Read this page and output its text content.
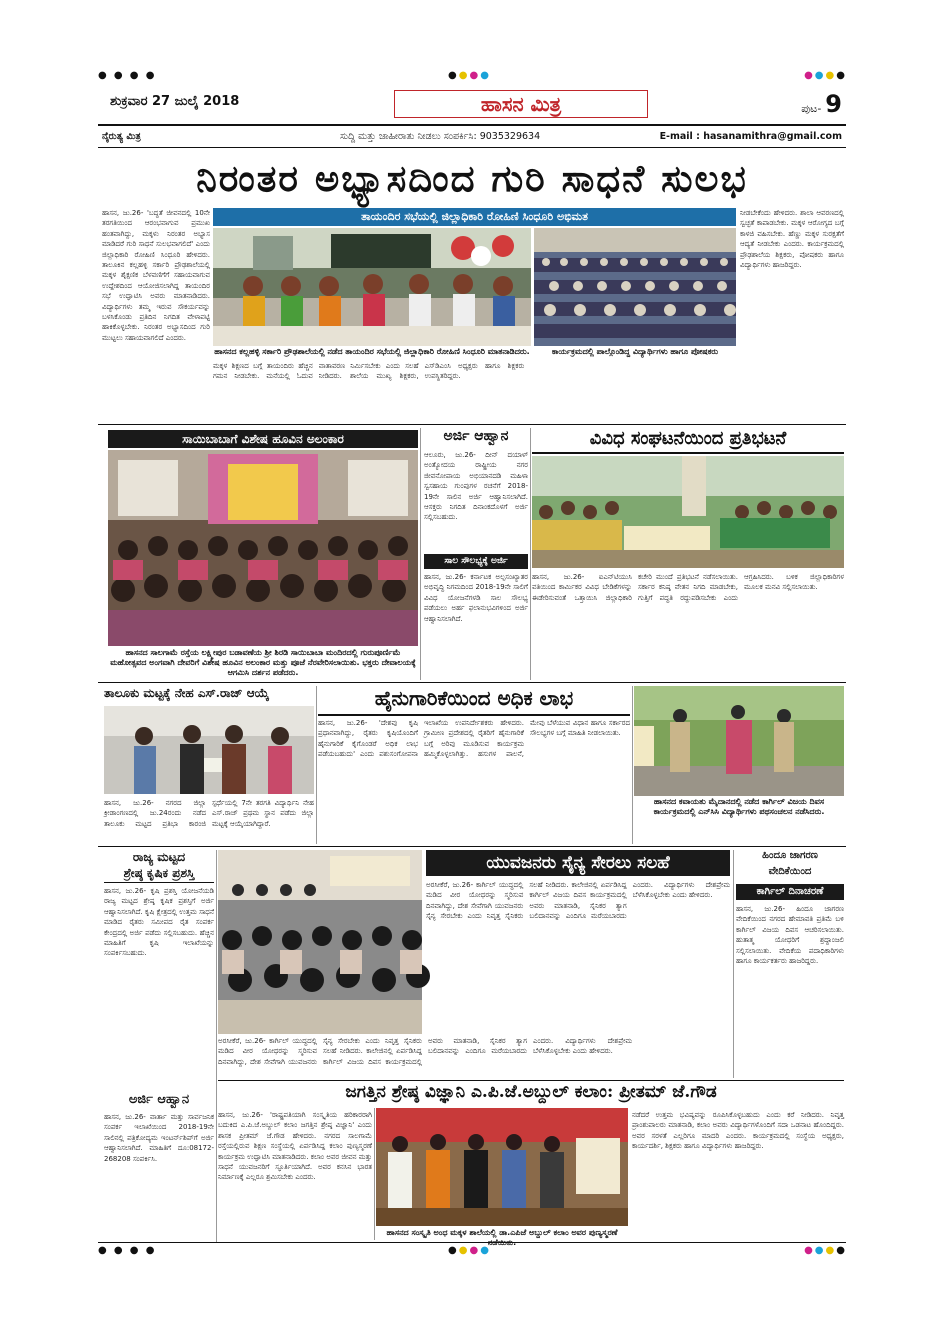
● ● ● ●	●●●●	●●●●
● ● ● ●	●●●●	●●●●
ಶುಕ್ರವಾರ 27 ಜುಲೈ 2018	ಹಾಸನ ಮಿತ್ರ	ಪುಟ- 9
ನೈರುತ್ಯ ಮಿತ್ರ	ಸುದ್ದಿ ಮತ್ತು ಜಾಹೀರಾತು ನೀಡಲು ಸಂಪರ್ಕಿಸಿ: 9035329634	E-mail : hasanamithra@gmail.com
ನಿರಂತರ ಅಭ್ಯಾಸದಿಂದ ಗುರಿ ಸಾಧನೆ ಸುಲಭ
ಹಾಸನ, ಜು.26- 'ಬದ್ಧತೆ ಜೀವನದಲ್ಲಿ 10ನೇ ತರಗತಿಯಿಂದ ಆರಂಭವಾಗುವ ಪ್ರಮುಖ ಹಂತವಾಗಿದ್ದು, ಮಕ್ಕಳು ನಿರಂತರ ಅಭ್ಯಾಸ ಮಾಡಿದರೆ ಗುರಿ ಸಾಧನೆ ಸುಲಭವಾಗಲಿದೆ' ಎಂದು ಜಿಲ್ಲಾಧಿಕಾರಿ ರೋಹಿಣಿ ಸಿಂಧೂರಿ ಹೇಳಿದರು. ತಾಲೂಕಿನ ಕಲ್ಲಹಳ್ಳಿ ಸರ್ಕಾರಿ ಪ್ರೌಢಶಾಲೆಯಲ್ಲಿ ಮಕ್ಕಳ ಶೈಕ್ಷಣಿಕ ಬೆಳವಣಿಗೆಗೆ ಸಹಾಯವಾಗುವ ಉದ್ದೇಶದಿಂದ ಆಯೋಜಿಸಲಾಗಿದ್ದ ತಾಯಂದಿರ ಸಭೆ ಉದ್ಘಾಟಿಸಿ ಅವರು ಮಾತನಾಡಿದರು. ವಿದ್ಯಾರ್ಥಿಗಳು ತಮ್ಮ ಇರುವ ಸೌಕರ್ಯವನ್ನು ಬಳಸಿಕೊಂಡು ಪ್ರತಿದಿನ ನಿಗದಿತ ವೇಳಾಪಟ್ಟಿ ಹಾಕಿಕೊಳ್ಳಬೇಕು. ನಿರಂತರ ಅಭ್ಯಾಸದಿಂದ ಗುರಿ ಮುಟ್ಟಲು ಸಹಾಯವಾಗಲಿದೆ ಎಂದರು.
ತಾಯಂದಿರ ಸಭೆಯಲ್ಲಿ ಜಿಲ್ಲಾಧಿಕಾರಿ ರೋಹಿಣಿ ಸಿಂಧೂರಿ ಅಭಿಮತ
ಹಾಸನದ ಕಲ್ಲಹಳ್ಳಿ ಸರ್ಕಾರಿ ಪ್ರೌಢಶಾಲೆಯಲ್ಲಿ ನಡೆದ ತಾಯಂದಿರ ಸಭೆಯಲ್ಲಿ ಜಿಲ್ಲಾಧಿಕಾರಿ ರೋಹಿಣಿ ಸಿಂಧೂರಿ ಮಾತನಾಡಿದರು.	ಕಾರ್ಯಕ್ರಮದಲ್ಲಿ ಪಾಲ್ಗೊಂಡಿದ್ದ ವಿದ್ಯಾರ್ಥಿಗಳು ಹಾಗೂ ಪೋಷಕರು
ಮಕ್ಕಳ ಶಿಕ್ಷಣದ ಬಗ್ಗೆ ತಾಯಂದಿರು ಹೆಚ್ಚಿನ ಗಮನ ನೀಡಬೇಕು. ಮನೆಯಲ್ಲಿ ಓದುವ ವಾತಾವರಣ ನಿರ್ಮಿಸಬೇಕು ಎಂದು ಸಲಹೆ ನೀಡಿದರು. ಶಾಲೆಯ ಮುಖ್ಯ ಶಿಕ್ಷಕರು, ಎಸ್‌ಡಿಎಂಸಿ ಅಧ್ಯಕ್ಷರು ಹಾಗೂ ಶಿಕ್ಷಕರು ಉಪಸ್ಥಿತರಿದ್ದರು.
ನೀಡಬೇಕೆಂದು ಹೇಳಿದರು. ಶಾಲಾ ಆವರಣದಲ್ಲಿ ಸ್ವಚ್ಛತೆ ಕಾಪಾಡಬೇಕು. ಮಕ್ಕಳ ಆರೋಗ್ಯದ ಬಗ್ಗೆ ಕಾಳಜಿ ವಹಿಸಬೇಕು. ಹೆಣ್ಣು ಮಕ್ಕಳ ಸುರಕ್ಷತೆಗೆ ಆದ್ಯತೆ ನೀಡಬೇಕು ಎಂದರು. ಕಾರ್ಯಕ್ರಮದಲ್ಲಿ ಪ್ರೌಢಶಾಲೆಯ ಶಿಕ್ಷಕರು, ಪೋಷಕರು ಹಾಗೂ ವಿದ್ಯಾರ್ಥಿಗಳು ಹಾಜರಿದ್ದರು.
ಸಾಯಿಬಾಬಾಗೆ ವಿಶೇಷ ಹೂವಿನ ಅಲಂಕಾರ
ಹಾಸನದ ಸಾಲಗಾಮೆ ರಸ್ತೆಯ ಲಕ್ಷ್ಮೀಪುರ ಬಡಾವಣೆಯ ಶ್ರೀ ಶಿರಡಿ ಸಾಯಿಬಾಬಾ ಮಂದಿರದಲ್ಲಿ ಗುರುಪೂರ್ಣಿಮೆ ಮಹೋತ್ಸವದ ಅಂಗವಾಗಿ ದೇವರಿಗೆ ವಿಶೇಷ ಹೂವಿನ ಅಲಂಕಾರ ಮತ್ತು ಪೂಜೆ ನೆರವೇರಿಸಲಾಯಿತು. ಭಕ್ತರು ದೇವಾಲಯಕ್ಕೆ ಆಗಮಿಸಿ ದರ್ಶನ ಪಡೆದರು.
ಅರ್ಜಿ ಆಹ್ವಾನ
ಆಲೂರು, ಜು.26- ದೀನ್ ದಯಾಳ್ ಅಂತ್ಯೋದಯ ರಾಷ್ಟ್ರೀಯ ನಗರ ಜೀವನೋಪಾಯ ಅಭಿಯಾನದಡಿ ಮಹಿಳಾ ಸ್ವಸಹಾಯ ಗುಂಪುಗಳ ರಚನೆಗೆ 2018-19ನೇ ಸಾಲಿನ ಅರ್ಜಿ ಆಹ್ವಾನಿಸಲಾಗಿದೆ. ಆಸಕ್ತರು ನಿಗದಿತ ದಿನಾಂಕದೊಳಗೆ ಅರ್ಜಿ ಸಲ್ಲಿಸಬಹುದು.
ಸಾಲ ಸೌಲಭ್ಯಕ್ಕೆ ಅರ್ಜಿ
ಹಾಸನ, ಜು.26- ಕರ್ನಾಟಕ ಅಲ್ಪಸಂಖ್ಯಾತರ ಅಭಿವೃದ್ಧಿ ನಿಗಮದಿಂದ 2018-19ನೇ ಸಾಲಿಗೆ ವಿವಿಧ ಯೋಜನೆಗಳಡಿ ಸಾಲ ಸೌಲಭ್ಯ ಪಡೆಯಲು ಅರ್ಹ ಫಲಾನುಭವಿಗಳಿಂದ ಅರ್ಜಿ ಆಹ್ವಾನಿಸಲಾಗಿದೆ.
ವಿವಿಧ ಸಂಘಟನೆಯಿಂದ ಪ್ರತಿಭಟನೆ
ಹಾಸನ, ಜು.26- ಐಎನ್‌ಟಿಯುಸಿ ವತಿಯಿಂದ ಕಾರ್ಮಿಕರ ವಿವಿಧ ಬೇಡಿಕೆಗಳನ್ನು ಈಡೇರಿಸುವಂತೆ ಒತ್ತಾಯಿಸಿ ಜಿಲ್ಲಾಧಿಕಾರಿ ಕಚೇರಿ ಮುಂದೆ ಪ್ರತಿಭಟನೆ ನಡೆಸಲಾಯಿತು. ಸರ್ಕಾರ ಕನಿಷ್ಠ ವೇತನ ನಿಗದಿ ಮಾಡಬೇಕು, ಗುತ್ತಿಗೆ ಪದ್ಧತಿ ರದ್ದುಪಡಿಸಬೇಕು ಎಂದು ಆಗ್ರಹಿಸಿದರು. ಬಳಿಕ ಜಿಲ್ಲಾಧಿಕಾರಿಗಳ ಮೂಲಕ ಮನವಿ ಸಲ್ಲಿಸಲಾಯಿತು.
ತಾಲೂಕು ಮಟ್ಟಕ್ಕೆ ನೇಹ ಎಸ್.ರಾಜ್ ಆಯ್ಕೆ
ಹಾಸನ, ಜು.26- ನಗರದ ಜಿಲ್ಲಾ ಕ್ರೀಡಾಂಗಣದಲ್ಲಿ ಜು.24ರಂದು ನಡೆದ ತಾಲೂಕು ಮಟ್ಟದ ಪ್ರತಿಭಾ ಕಾರಂಜಿ ಸ್ಪರ್ಧೆಯಲ್ಲಿ 7ನೇ ತರಗತಿ ವಿದ್ಯಾರ್ಥಿನಿ ನೇಹ ಎಸ್.ರಾಜ್ ಪ್ರಥಮ ಸ್ಥಾನ ಪಡೆದು ಜಿಲ್ಲಾ ಮಟ್ಟಕ್ಕೆ ಆಯ್ಕೆಯಾಗಿದ್ದಾರೆ.
ಹೈನುಗಾರಿಕೆಯಿಂದ ಅಧಿಕ ಲಾಭ
ಹಾಸನ, ಜು.26- 'ದೇಶವು ಕೃಷಿ ಪ್ರಧಾನವಾಗಿದ್ದು, ರೈತರು ಕೃಷಿಯೊಂದಿಗೆ ಹೈನುಗಾರಿಕೆ ಕೈಗೊಂಡರೆ ಅಧಿಕ ಲಾಭ ಪಡೆಯಬಹುದು' ಎಂದು ಪಶುಸಂಗೋಪನಾ ಇಲಾಖೆಯ ಉಪನಿರ್ದೇಶಕರು ಹೇಳಿದರು. ಗ್ರಾಮೀಣ ಪ್ರದೇಶದಲ್ಲಿ ರೈತರಿಗೆ ಹೈನುಗಾರಿಕೆ ಬಗ್ಗೆ ಅರಿವು ಮೂಡಿಸುವ ಕಾರ್ಯಕ್ರಮ ಹಮ್ಮಿಕೊಳ್ಳಲಾಗಿತ್ತು. ಹಸುಗಳ ಪಾಲನೆ, ಮೇವು ಬೆಳೆಯುವ ವಿಧಾನ ಹಾಗೂ ಸರ್ಕಾರದ ಸೌಲಭ್ಯಗಳ ಬಗ್ಗೆ ಮಾಹಿತಿ ನೀಡಲಾಯಿತು.
ಹಾಸನದ ಕವಾಯತು ಮೈದಾನದಲ್ಲಿ ನಡೆದ ಕಾರ್ಗಿಲ್ ವಿಜಯ ದಿವಸ ಕಾರ್ಯಕ್ರಮದಲ್ಲಿ ಎನ್‌ಸಿಸಿ ವಿದ್ಯಾರ್ಥಿಗಳು ಪಥಸಂಚಲನ ನಡೆಸಿದರು.
ರಾಜ್ಯ ಮಟ್ಟದ
ಶ್ರೇಷ್ಠ ಕೃಷಿಕ ಪ್ರಶಸ್ತಿ
ಹಾಸನ, ಜು.26- ಕೃಷಿ ಪ್ರಶಸ್ತಿ ಯೋಜನೆಯಡಿ ರಾಜ್ಯ ಮಟ್ಟದ ಶ್ರೇಷ್ಠ ಕೃಷಿಕ ಪ್ರಶಸ್ತಿಗೆ ಅರ್ಜಿ ಆಹ್ವಾನಿಸಲಾಗಿದೆ. ಕೃಷಿ ಕ್ಷೇತ್ರದಲ್ಲಿ ಉತ್ತಮ ಸಾಧನೆ ಮಾಡಿದ ರೈತರು ಸಮೀಪದ ರೈತ ಸಂಪರ್ಕ ಕೇಂದ್ರದಲ್ಲಿ ಅರ್ಜಿ ಪಡೆದು ಸಲ್ಲಿಸಬಹುದು. ಹೆಚ್ಚಿನ ಮಾಹಿತಿಗೆ ಕೃಷಿ ಇಲಾಖೆಯನ್ನು ಸಂಪರ್ಕಿಸಬಹುದು.
ಅರ್ಜಿ ಆಹ್ವಾನ
ಹಾಸನ, ಜು.26- ವಾರ್ತಾ ಮತ್ತು ಸಾರ್ವಜನಿಕ ಸಂಪರ್ಕ ಇಲಾಖೆಯಿಂದ 2018-19ನೇ ಸಾಲಿನಲ್ಲಿ ಪತ್ರಿಕೋದ್ಯಮ ಇಂಟರ್ನ್‌ಶಿಪ್‌ಗೆ ಅರ್ಜಿ ಆಹ್ವಾನಿಸಲಾಗಿದೆ. ಮಾಹಿತಿಗೆ ದೂ:08172-268208 ಸಂಪರ್ಕಿಸಿ.
ಯುವಜನರು ಸೈನ್ಯ ಸೇರಲು ಸಲಹೆ
ಅರಸೀಕೆರೆ, ಜು.26- ಕಾರ್ಗಿಲ್ ಯುದ್ಧದಲ್ಲಿ ಮಡಿದ ವೀರ ಯೋಧರನ್ನು ಸ್ಮರಿಸುವ ದಿನವಾಗಿದ್ದು, ದೇಶ ಸೇವೆಗಾಗಿ ಯುವಜನರು ಸೈನ್ಯ ಸೇರಬೇಕು ಎಂದು ನಿವೃತ್ತ ಸೈನಿಕರು ಸಲಹೆ ನೀಡಿದರು. ಕಾಲೇಜಿನಲ್ಲಿ ಏರ್ಪಡಿಸಿದ್ದ ಕಾರ್ಗಿಲ್ ವಿಜಯ ದಿವಸ ಕಾರ್ಯಕ್ರಮದಲ್ಲಿ ಅವರು ಮಾತನಾಡಿ, ಸೈನಿಕರ ತ್ಯಾಗ ಬಲಿದಾನವನ್ನು ಎಂದಿಗೂ ಮರೆಯಬಾರದು ಎಂದರು. ವಿದ್ಯಾರ್ಥಿಗಳು ದೇಶಪ್ರೇಮ ಬೆಳೆಸಿಕೊಳ್ಳಬೇಕು ಎಂದು ಹೇಳಿದರು.
ಅರಸೀಕೆರೆ, ಜು.26- ಕಾರ್ಗಿಲ್ ಯುದ್ಧದಲ್ಲಿ ಮಡಿದ ವೀರ ಯೋಧರನ್ನು ಸ್ಮರಿಸುವ ದಿನವಾಗಿದ್ದು, ದೇಶ ಸೇವೆಗಾಗಿ ಯುವಜನರು ಸೈನ್ಯ ಸೇರಬೇಕು ಎಂದು ನಿವೃತ್ತ ಸೈನಿಕರು ಸಲಹೆ ನೀಡಿದರು. ಕಾಲೇಜಿನಲ್ಲಿ ಏರ್ಪಡಿಸಿದ್ದ ಕಾರ್ಗಿಲ್ ವಿಜಯ ದಿವಸ ಕಾರ್ಯಕ್ರಮದಲ್ಲಿ ಅವರು ಮಾತನಾಡಿ, ಸೈನಿಕರ ತ್ಯಾಗ ಬಲಿದಾನವನ್ನು ಎಂದಿಗೂ ಮರೆಯಬಾರದು ಎಂದರು. ವಿದ್ಯಾರ್ಥಿಗಳು ದೇಶಪ್ರೇಮ ಬೆಳೆಸಿಕೊಳ್ಳಬೇಕು ಎಂದು ಹೇಳಿದರು.
ಹಿಂದೂ ಜಾಗರಣ
ವೇದಿಕೆಯಿಂದ
ಕಾರ್ಗಿಲ್ ದಿನಾಚರಣೆ
ಹಾಸನ, ಜು.26- ಹಿಂದೂ ಜಾಗರಣ ವೇದಿಕೆಯಿಂದ ನಗರದ ಹೇಮಾವತಿ ಪ್ರತಿಮೆ ಬಳಿ ಕಾರ್ಗಿಲ್ ವಿಜಯ ದಿವಸ ಆಚರಿಸಲಾಯಿತು. ಹುತಾತ್ಮ ಯೋಧರಿಗೆ ಶ್ರದ್ಧಾಂಜಲಿ ಸಲ್ಲಿಸಲಾಯಿತು. ವೇದಿಕೆಯ ಪದಾಧಿಕಾರಿಗಳು ಹಾಗೂ ಕಾರ್ಯಕರ್ತರು ಹಾಜರಿದ್ದರು.
ಜಗತ್ತಿನ ಶ್ರೇಷ್ಠ ವಿಜ್ಞಾನಿ ಎ.ಪಿ.ಜೆ.ಅಬ್ದುಲ್ ಕಲಾಂ: ಪ್ರೀತಮ್ ಜೆ.ಗೌಡ
ಹಾಸನ, ಜು.26- 'ರಾಷ್ಟ್ರಪತಿಯಾಗಿ ಸಂಸ್ಕೃತಿಯ ಹರಿಕಾರರಾಗಿ ಬದುಕಿದ ಎ.ಪಿ.ಜೆ.ಅಬ್ದುಲ್ ಕಲಾಂ ಜಗತ್ತಿನ ಶ್ರೇಷ್ಠ ವಿಜ್ಞಾನಿ' ಎಂದು ಶಾಸಕ ಪ್ರೀತಮ್ ಜೆ.ಗೌಡ ಹೇಳಿದರು. ನಗರದ ಸಾಲಗಾಮೆ ರಸ್ತೆಯಲ್ಲಿರುವ ಶಿಕ್ಷಣ ಸಂಸ್ಥೆಯಲ್ಲಿ ಏರ್ಪಡಿಸಿದ್ದ ಕಲಾಂ ಪುಣ್ಯಸ್ಮರಣೆ ಕಾರ್ಯಕ್ರಮ ಉದ್ಘಾಟಿಸಿ ಮಾತನಾಡಿದರು. ಕಲಾಂ ಅವರ ಜೀವನ ಮತ್ತು ಸಾಧನೆ ಯುವಜನರಿಗೆ ಸ್ಫೂರ್ತಿಯಾಗಿದೆ. ಅವರ ಕನಸಿನ ಭಾರತ ನಿರ್ಮಾಣಕ್ಕೆ ಎಲ್ಲರೂ ಶ್ರಮಿಸಬೇಕು ಎಂದರು.
ಹಾಸನದ ಸಂಸ್ಕೃತಿ ಅಂಧ ಮಕ್ಕಳ ಶಾಲೆಯಲ್ಲಿ ಡಾ.ಎಪಿಜೆ ಅಬ್ದುಲ್ ಕಲಾಂ ಅವರ ಪುಣ್ಯಸ್ಮರಣೆ
ನಡೆದರೆ ಉತ್ತಮ ಭವಿಷ್ಯವನ್ನು ರೂಪಿಸಿಕೊಳ್ಳಬಹುದು ಎಂದು ಕರೆ ನೀಡಿದರು. ನಿವೃತ್ತ ಪ್ರಾಂಶುಪಾಲರು ಮಾತನಾಡಿ, ಕಲಾಂ ಅವರು ವಿದ್ಯಾರ್ಥಿಗಳೊಂದಿಗೆ ಸದಾ ಒಡನಾಟ ಹೊಂದಿದ್ದರು. ಅವರ ಸರಳತೆ ಎಲ್ಲರಿಗೂ ಮಾದರಿ ಎಂದರು. ಕಾರ್ಯಕ್ರಮದಲ್ಲಿ ಸಂಸ್ಥೆಯ ಅಧ್ಯಕ್ಷರು, ಕಾರ್ಯದರ್ಶಿ, ಶಿಕ್ಷಕರು ಹಾಗೂ ವಿದ್ಯಾರ್ಥಿಗಳು ಹಾಜರಿದ್ದರು.
